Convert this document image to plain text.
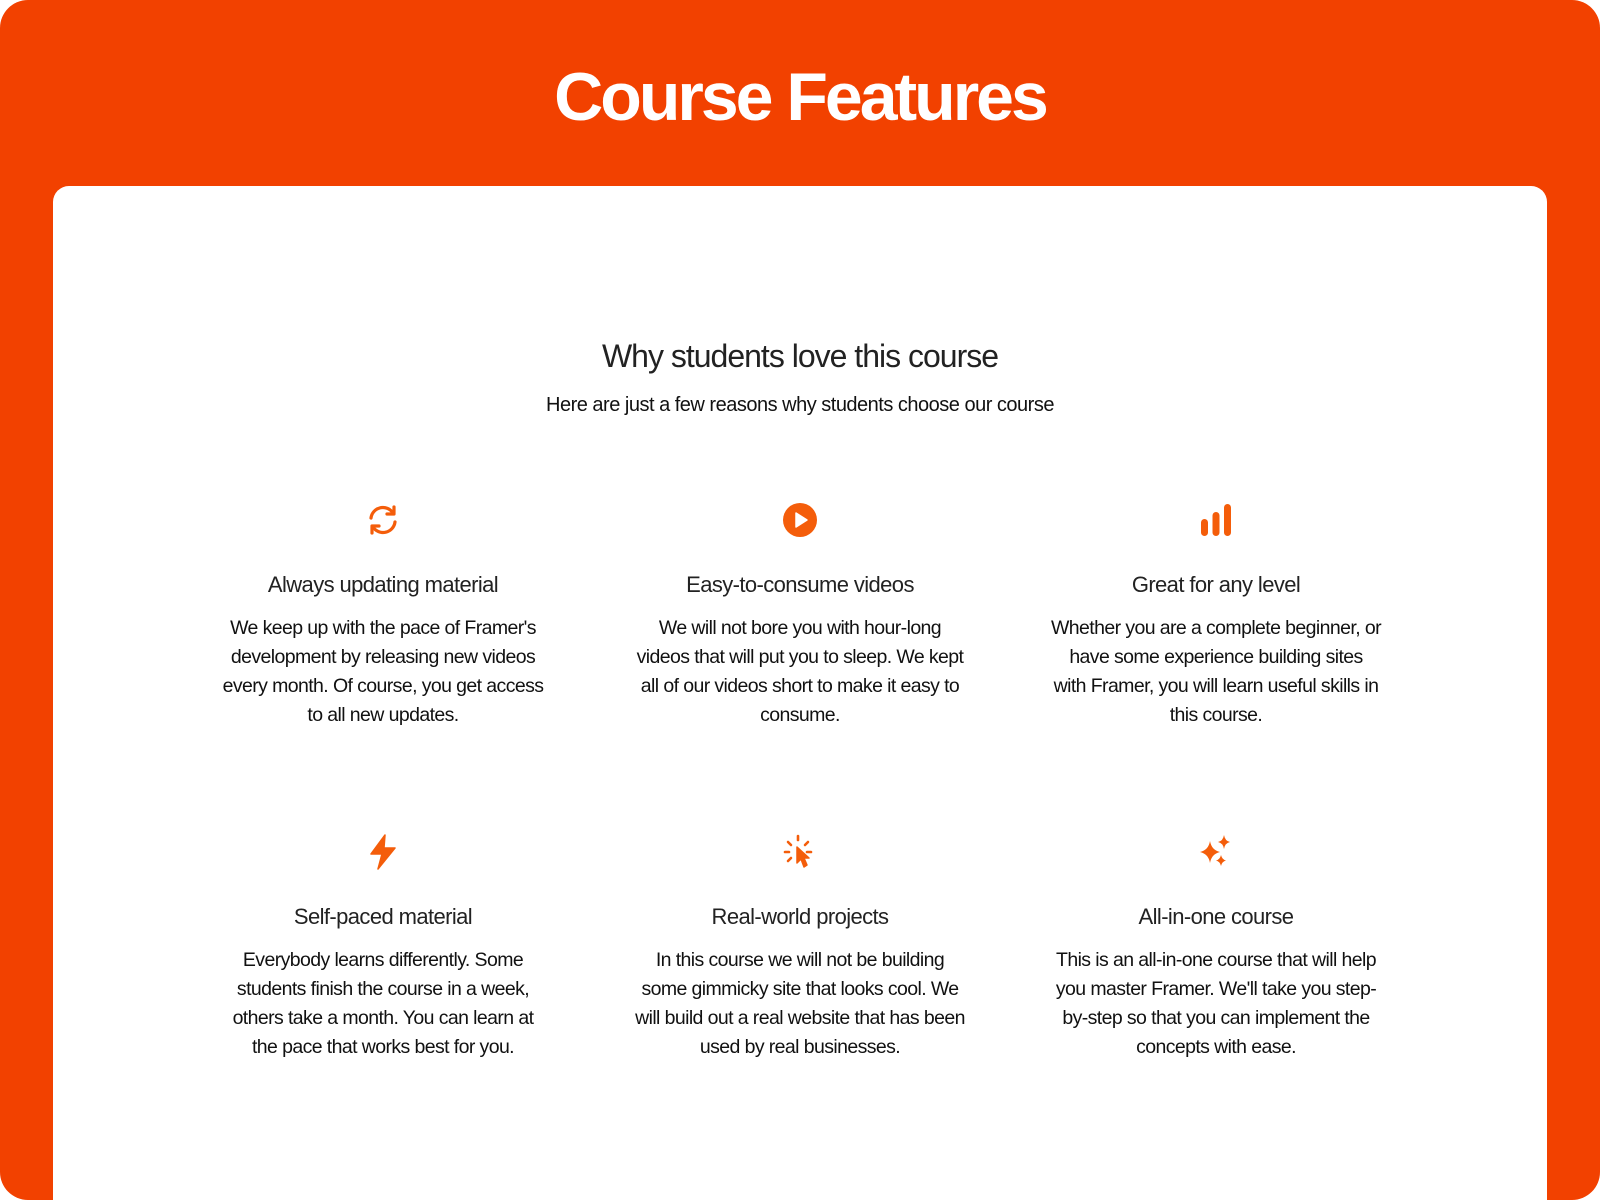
Course Features
Why students love this course

Here are just a few reasons why students choose our course

Always updating material
We keep up with the pace of Framer's development by releasing new videos every month. Of course, you get access to all new updates.
Easy-to-consume videos
We will not bore you with hour-long videos that will put you to sleep. We kept all of our videos short to make it easy to consume.
Great for any level
Whether you are a complete beginner, or have some experience building sites with Framer, you will learn useful skills in this course.
Self-paced material
Everybody learns differently. Some students finish the course in a week, others take a month. You can learn at the pace that works best for you.
Real-world projects
In this course we will not be building some gimmicky site that looks cool. We will build out a real website that has been used by real businesses.
All-in-one course
This is an all-in-one course that will help you master Framer. We'll take you step-by-step so that you can implement the concepts with ease.
